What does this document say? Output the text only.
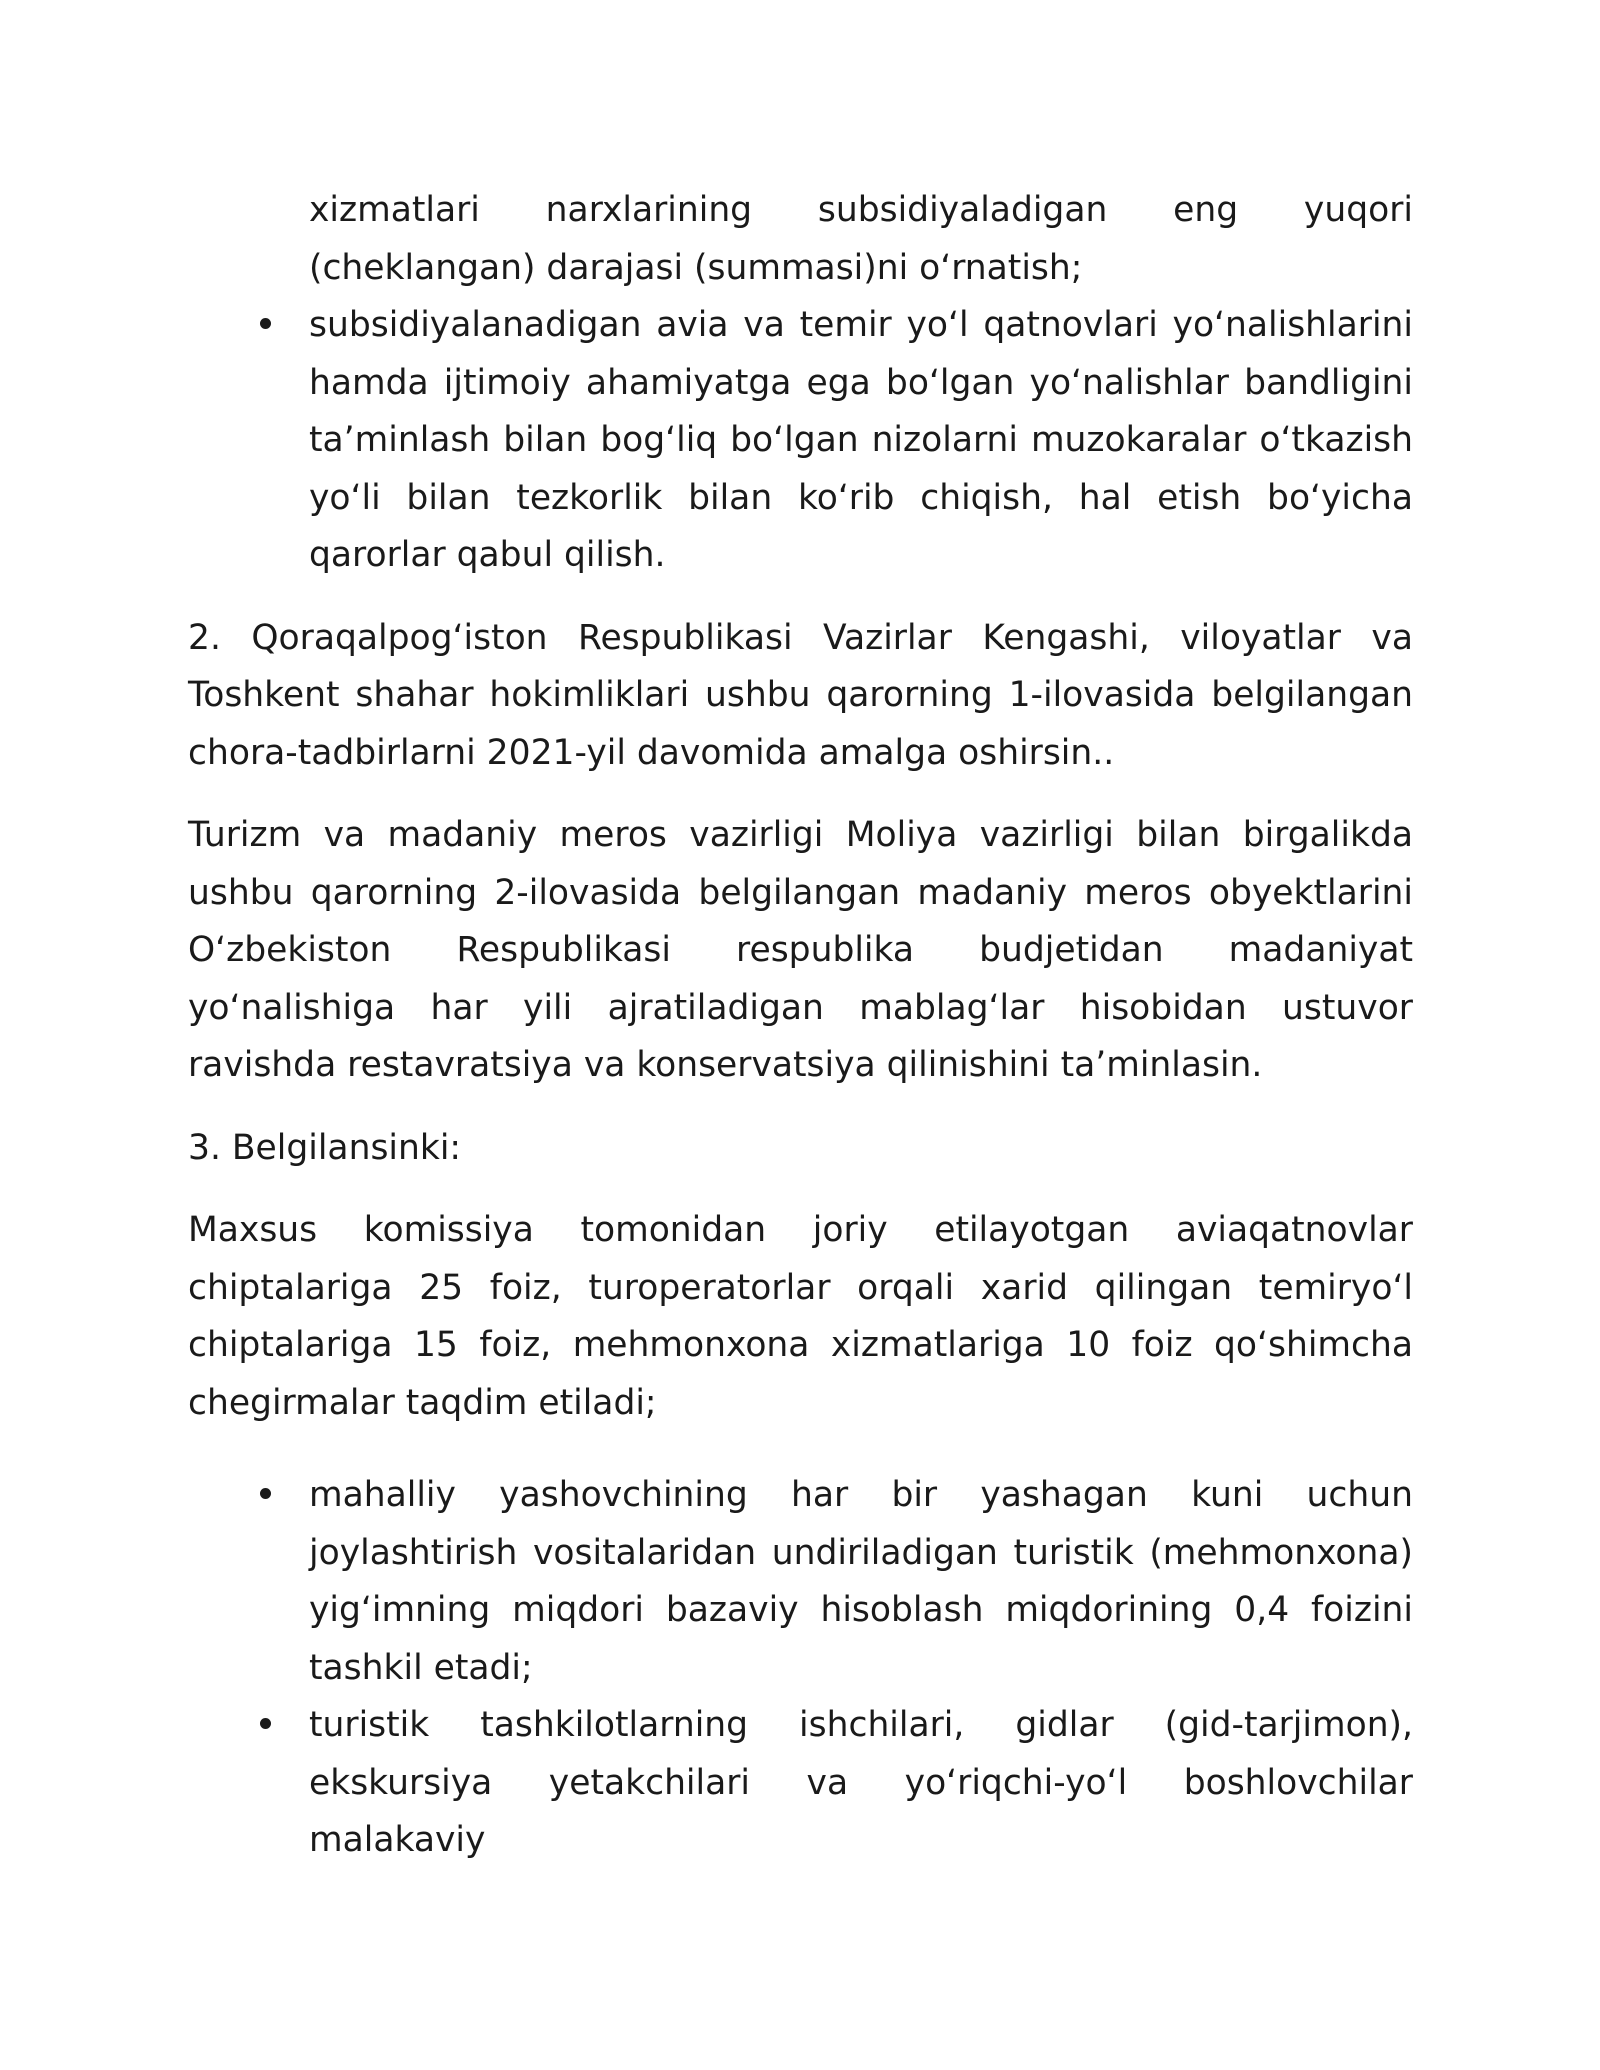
xizmatlari narxlarining subsidiyaladigan eng yuqori (cheklangan) darajasi (summasi)ni oʻrnatish;

subsidiyalanadigan avia va temir yoʻl qatnovlari yoʻnalishlarini hamda ijtimoiy ahamiyatga ega boʻlgan yoʻnalishlar bandligini taʼminlash bilan bogʻliq boʻlgan nizolarni muzokaralar oʻtkazish yoʻli bilan tezkorlik bilan koʻrib chiqish, hal etish boʻyicha qarorlar qabul qilish.

2. Qoraqalpogʻiston Respublikasi Vazirlar Kengashi, viloyatlar va Toshkent shahar hokimliklari ushbu qarorning 1-ilovasida belgilangan chora-tadbirlarni 2021-yil davomida amalga oshirsin..

Turizm va madaniy meros vazirligi Moliya vazirligi bilan birgalikda ushbu qarorning 2-ilovasida belgilangan madaniy meros obyektlarini Oʻzbekiston Respublikasi respublika budjetidan madaniyat yoʻnalishiga har yili ajratiladigan mablagʻlar hisobidan ustuvor ravishda restavratsiya va konservatsiya qilinishini taʼminlasin.

3. Belgilansinki:

Maxsus komissiya tomonidan joriy etilayotgan aviaqatnovlar chiptalariga 25 foiz, turoperatorlar orqali xarid qilingan temiryoʻl chiptalariga 15 foiz, mehmonxona xizmatlariga 10 foiz qoʻshimcha chegirmalar taqdim etiladi;

mahalliy yashovchining har bir yashagan kuni uchun joylashtirish vositalaridan undiriladigan turistik (mehmonxona) yigʻimning miqdori bazaviy hisoblash miqdorining 0,4 foizini tashkil etadi;
turistik tashkilotlarning ishchilari, gidlar (gid-tarjimon), ekskursiya yetakchilari va yoʻriqchi-yoʻl boshlovchilar malakaviy
